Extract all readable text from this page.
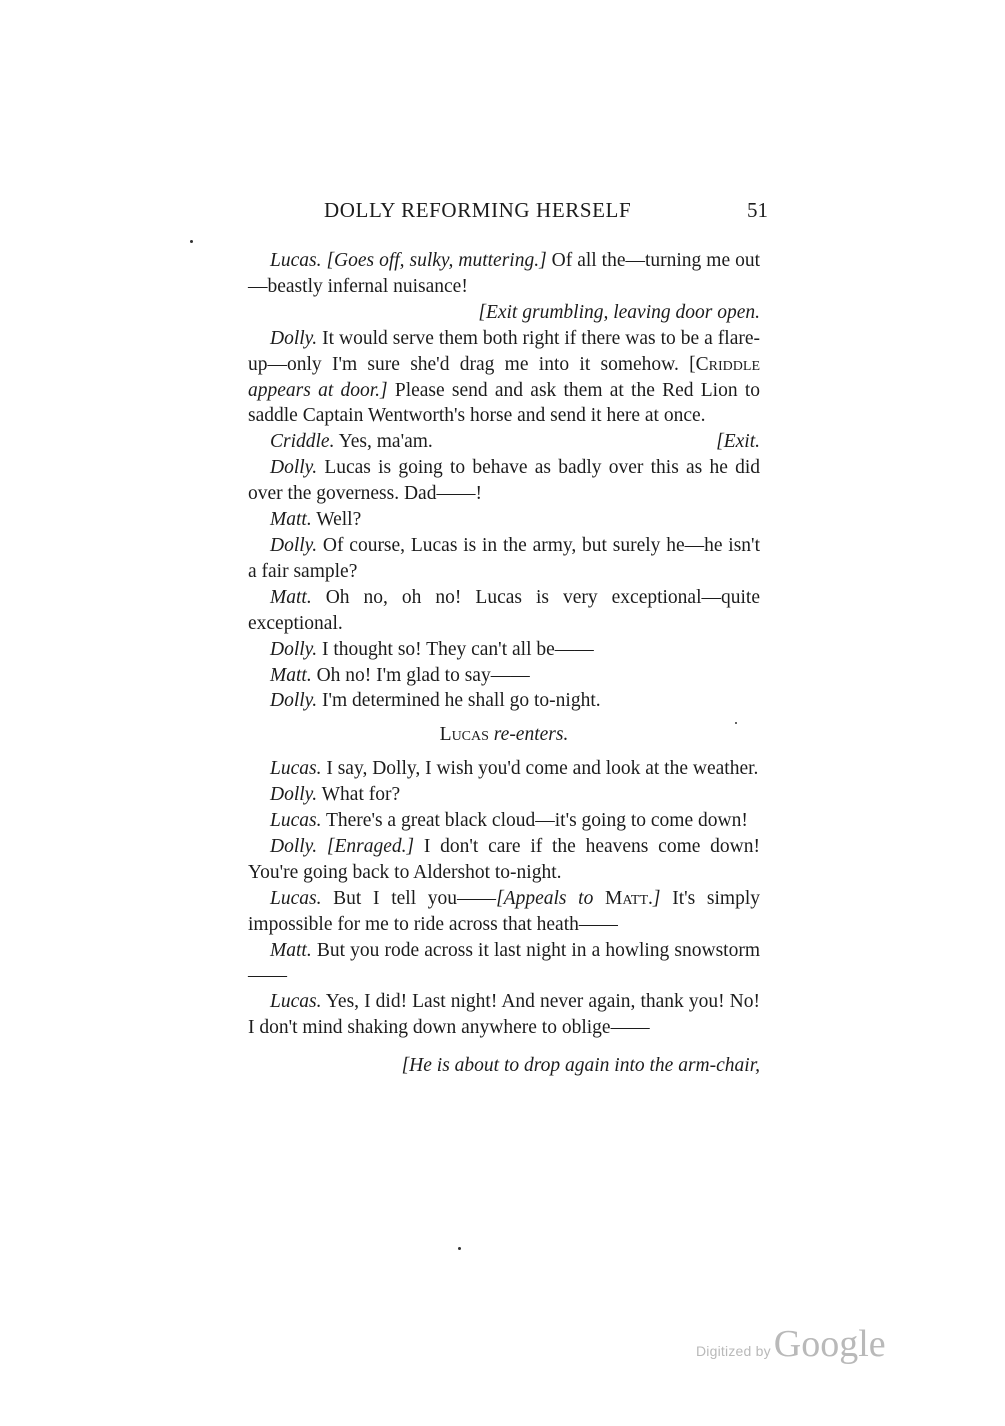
DOLLY REFORMING HERSELF	51

Lucas. [Goes off, sulky, muttering.] Of all the—turning me out—beastly infernal nuisance!

[Exit grumbling, leaving door open.

Dolly. It would serve them both right if there was to be a flare-up—only I'm sure she'd drag me into it somehow. [Criddle appears at door.] Please send and ask them at the Red Lion to saddle Captain Wentworth's horse and send it here at once.

Criddle. Yes, ma'am.	[Exit.

Dolly. Lucas is going to behave as badly over this as he did over the governess. Dad——!

Matt. Well?

Dolly. Of course, Lucas is in the army, but surely he—he isn't a fair sample?

Matt. Oh no, oh no! Lucas is very exceptional—quite exceptional.

Dolly. I thought so! They can't all be——

Matt. Oh no! I'm glad to say——

Dolly. I'm determined he shall go to-night.

Lucas re-enters.

Lucas. I say, Dolly, I wish you'd come and look at the weather.

Dolly. What for?

Lucas. There's a great black cloud—it's going to come down!

Dolly. [Enraged.] I don't care if the heavens come down! You're going back to Aldershot to-night.

Lucas. But I tell you——[Appeals to Matt.] It's simply impossible for me to ride across that heath——

Matt. But you rode across it last night in a howling snowstorm——

Lucas. Yes, I did! Last night! And never again, thank you! No! I don't mind shaking down anywhere to oblige——

[He is about to drop again into the arm-chair,

Digitized byGoogle
